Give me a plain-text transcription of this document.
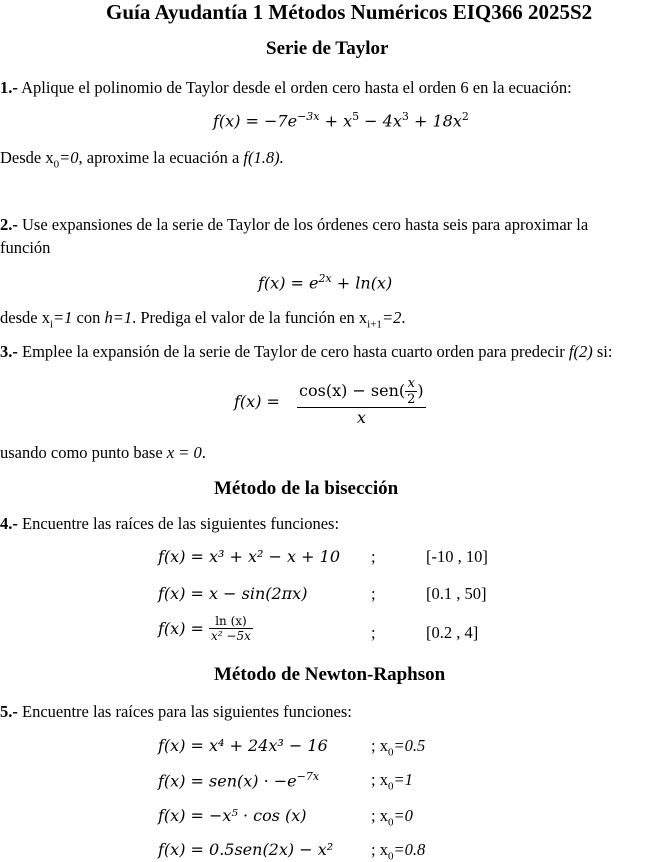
Guía Ayudantía 1 Métodos Numéricos EIQ366 2025S2
Serie de Taylor
1.- Aplique el polinomio de Taylor desde el orden cero hasta el orden 6 en la ecuación:
$f(x) = -7e^{-3x} + x^5 - 4x^3 + 18x^2$
Desde $x_0=0$, aproxime la ecuación a f(1.8).
2.- Use expansiones de la serie de Taylor de los órdenes cero hasta seis para aproximar la
función
$f(x) = e^{2x} + \ln(x)$
desde $x_i=1$ con h=1. Prediga el valor de la función en $x_{i+1}=2$.
3.- Emplee la expansión de la serie de Taylor de cero hasta cuarto orden para predecir f(2) si:
$f(x) = \frac{\cos(x) - sen( \frac{x}{2} )}{x}$
usando como punto base x = 0.
Método de la bisección
4.- Encuentre las raíces de las siguientes funciones:
f(x) = x³ + x² − x + 10 ;	[-10 , 10]
f(x) = x − sin(2πx)	;	[0.1 , 50]
$f(x) = \frac{\ln (x)}{\text{x² −5x}}$	;	[0.2 , 4]
Método de Newton-Raphson
5.- Encuentre las raíces para las siguientes funciones:
f(x) = x⁴ + 24x³ − 16	; $x_0=0.5$
$f(x) = sen(x) \cdot -e^{-7x}$	; $x_0=1$
f(x) = −x⁵ · cos (x)	; $x_0=0$
f(x) = 0.5sen(2x) − x² ; $x_0=0.8$
